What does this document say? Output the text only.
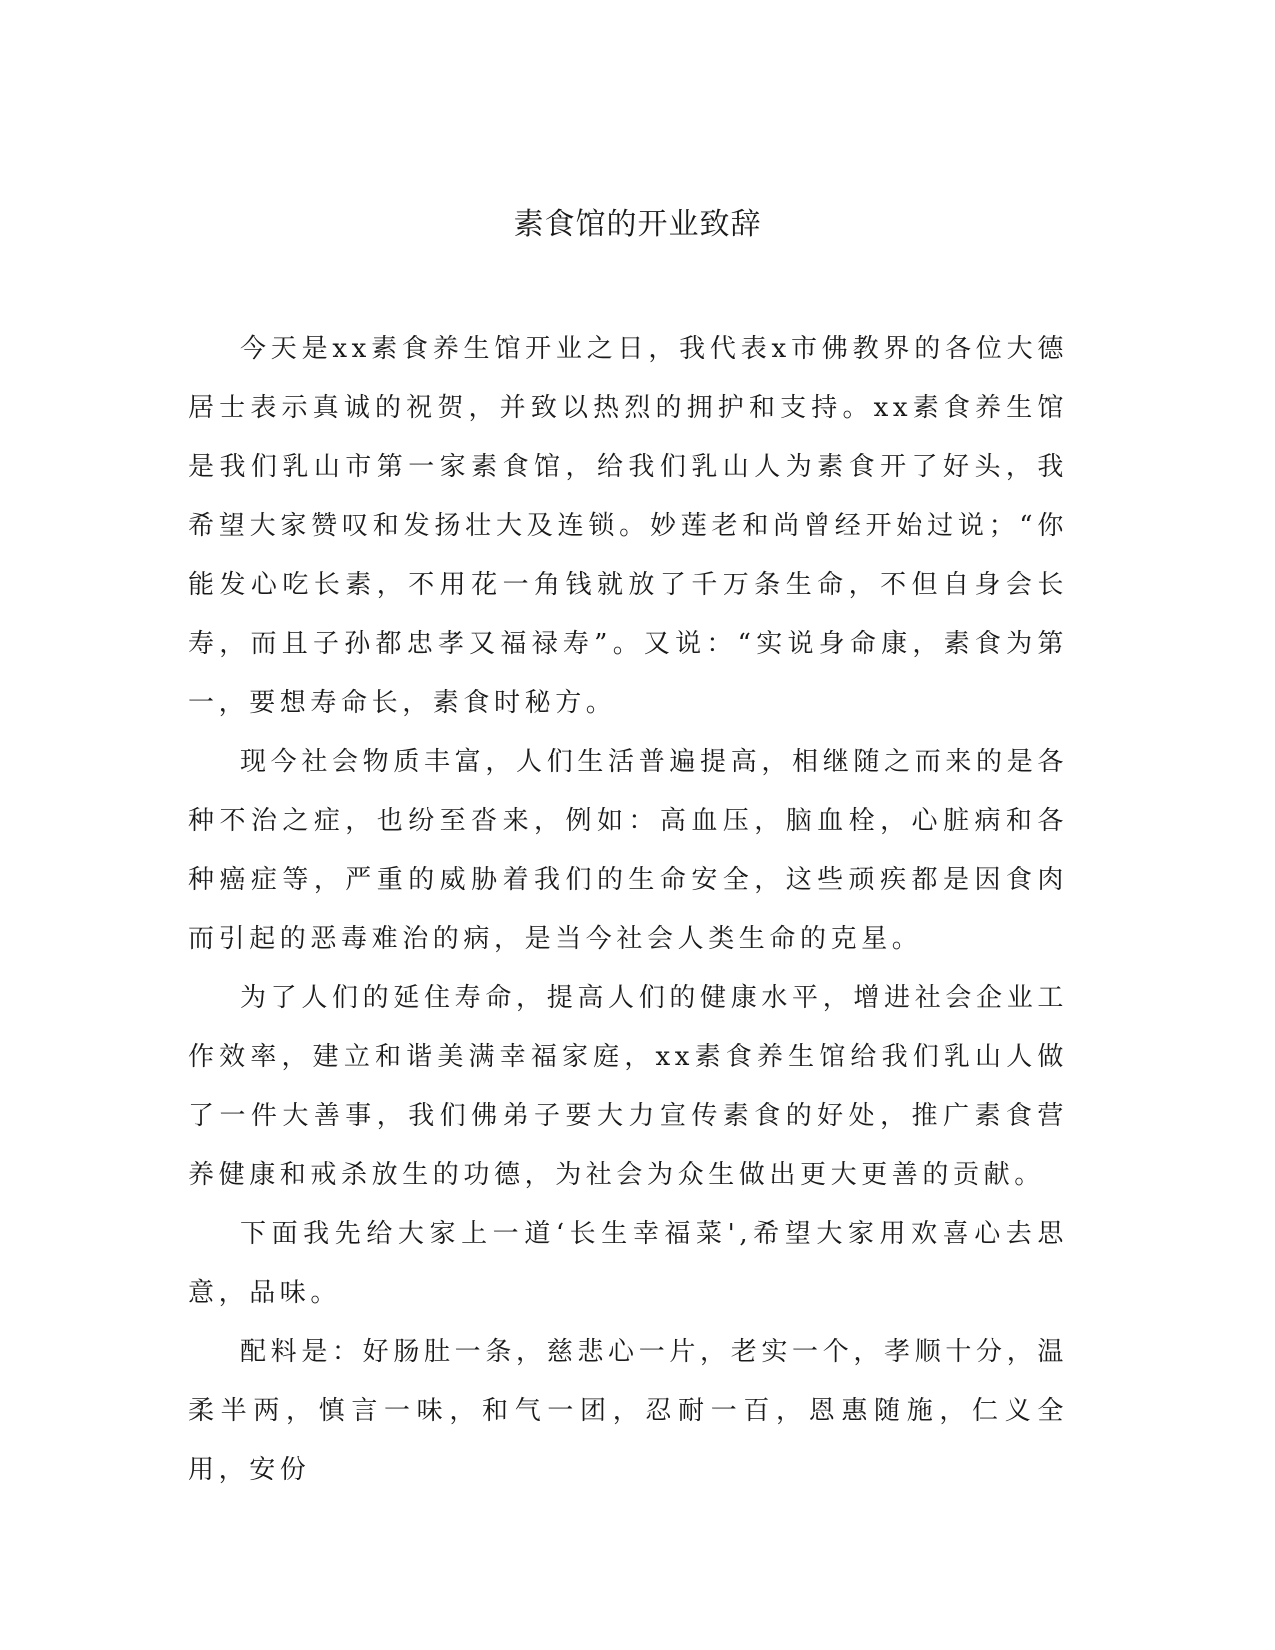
素食馆的开业致辞

今天是xx素食养生馆开业之日，我代表x市佛教界的各位大德居士表示真诚的祝贺，并致以热烈的拥护和支持。xx素食养生馆是我们乳山市第一家素食馆，给我们乳山人为素食开了好头，我希望大家赞叹和发扬壮大及连锁。妙莲老和尚曾经开始过说；“你能发心吃长素，不用花一角钱就放了千万条生命，不但自身会长寿，而且子孙都忠孝又福禄寿”。又说：“实说身命康，素食为第一，要想寿命长，素食时秘方。

现今社会物质丰富，人们生活普遍提高，相继随之而来的是各种不治之症，也纷至沓来，例如：高血压，脑血栓，心脏病和各种癌症等，严重的威胁着我们的生命安全，这些顽疾都是因食肉而引起的恶毒难治的病，是当今社会人类生命的克星。

为了人们的延住寿命，提高人们的健康水平，增进社会企业工作效率，建立和谐美满幸福家庭，xx素食养生馆给我们乳山人做了一件大善事，我们佛弟子要大力宣传素食的好处，推广素食营养健康和戒杀放生的功德，为社会为众生做出更大更善的贡献。

下面我先给大家上一道‘长生幸福菜',希望大家用欢喜心去思意，品味。

配料是：好肠肚一条，慈悲心一片，老实一个，孝顺十分，温柔半两，慎言一味，和气一团，忍耐一百，恩惠随施，仁义全用，安份
